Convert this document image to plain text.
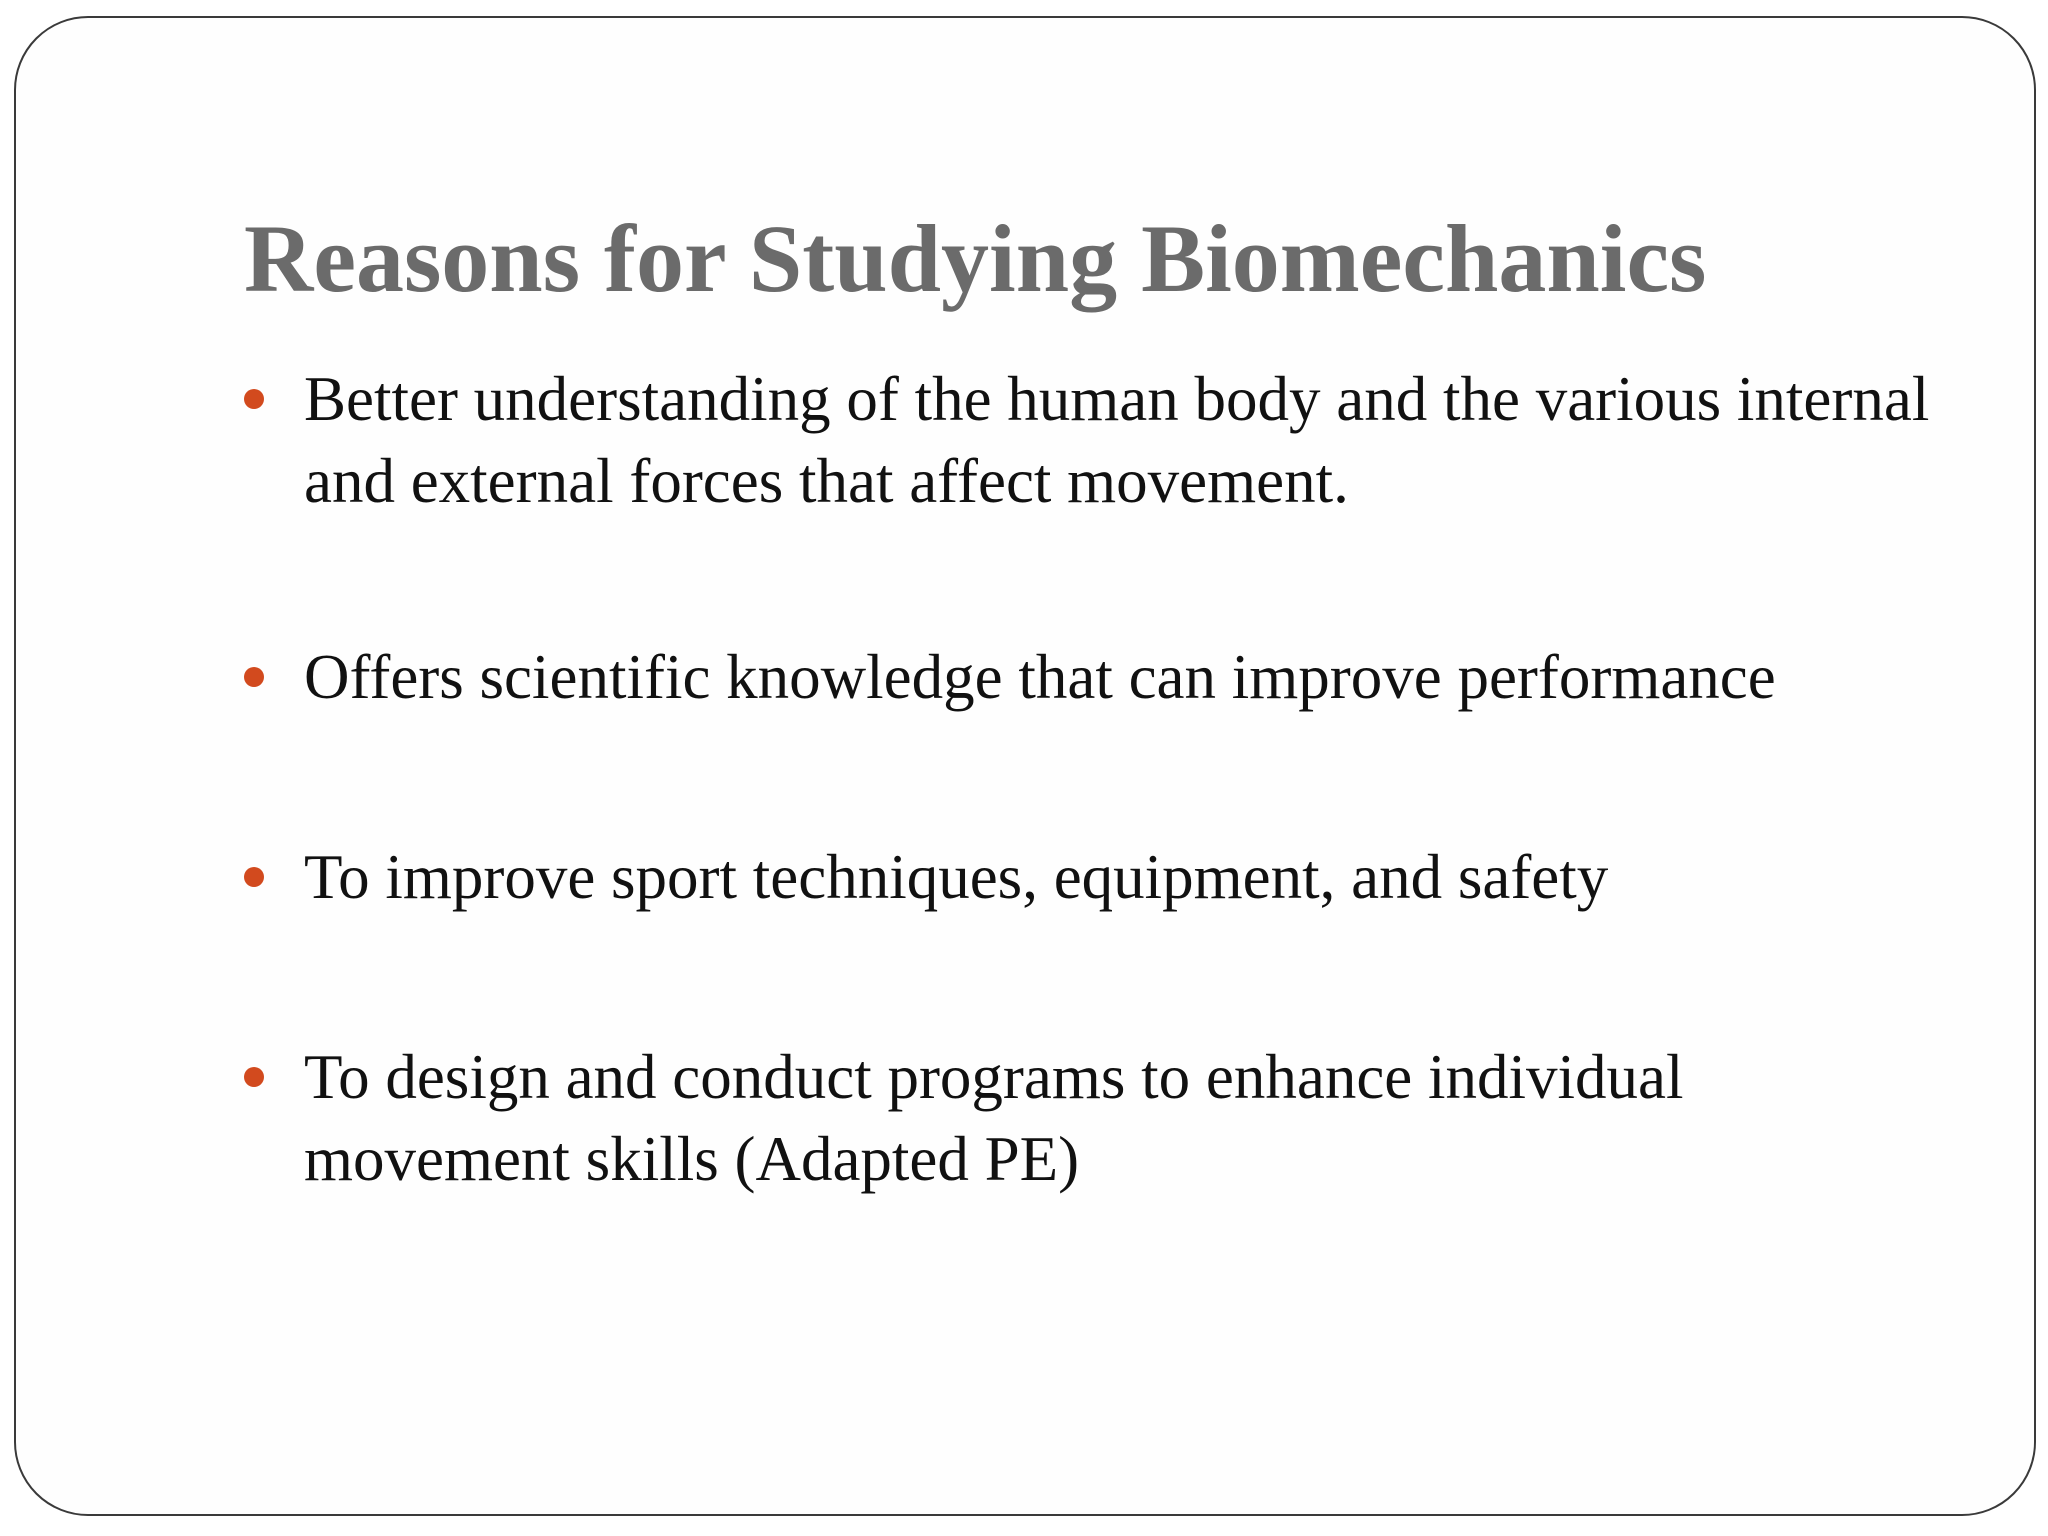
Reasons for Studying Biomechanics
Better understanding of the human body and the various internal and external forces that affect movement.
Offers scientific knowledge that can improve performance
To improve sport techniques, equipment, and safety
To design and conduct programs to enhance individual movement skills (Adapted PE)
